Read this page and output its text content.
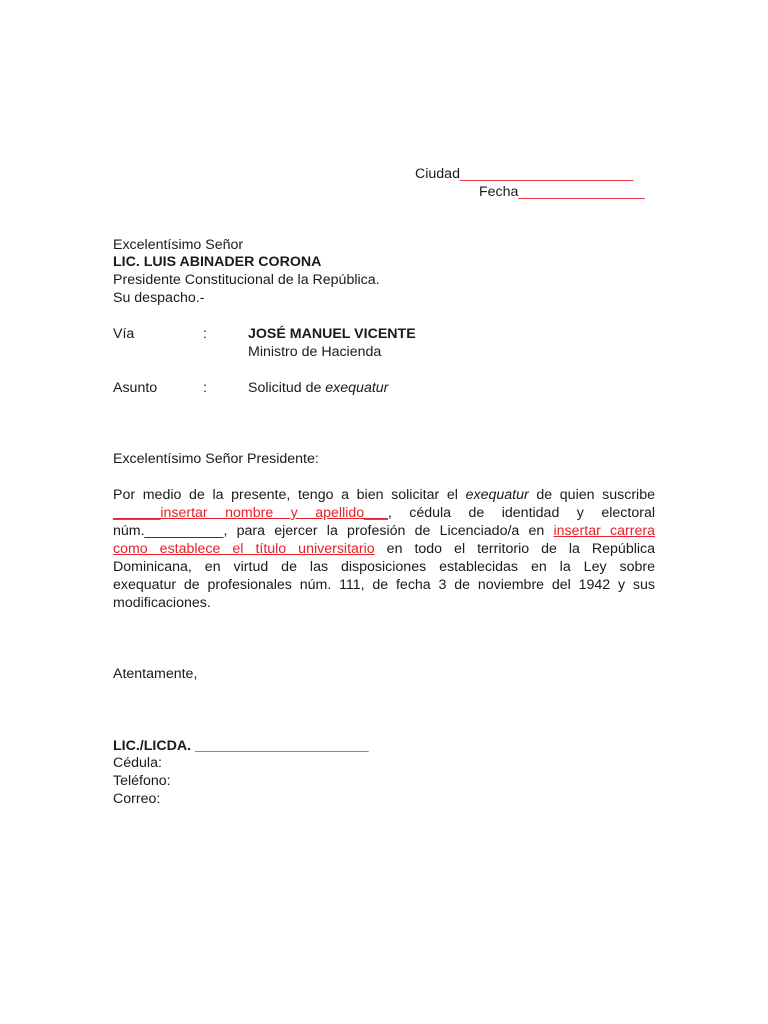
Ciudad______________________
Fecha________________
Excelentísimo Señor
LIC. LUIS ABINADER CORONA
Presidente Constitucional de la República.
Su despacho.-
Vía	:	JOSÉ MANUEL VICENTE
Ministro de Hacienda
Asunto	:	Solicitud de exequatur
Excelentísimo Señor Presidente:
Por medio de la presente, tengo a bien solicitar el exequatur de quien suscribe
______insertar nombre y apellido___, cédula de identidad y electoral
núm.__________, para ejercer la profesión de Licenciado/a en insertar carrera
como establece el título universitario en todo el territorio de la República
Dominicana, en virtud de las disposiciones establecidas en la Ley sobre
exequatur de profesionales núm. 111, de fecha 3 de noviembre del 1942 y sus
modificaciones.
Atentamente,
LIC./LICDA. ______________________
Cédula:
Teléfono:
Correo:
